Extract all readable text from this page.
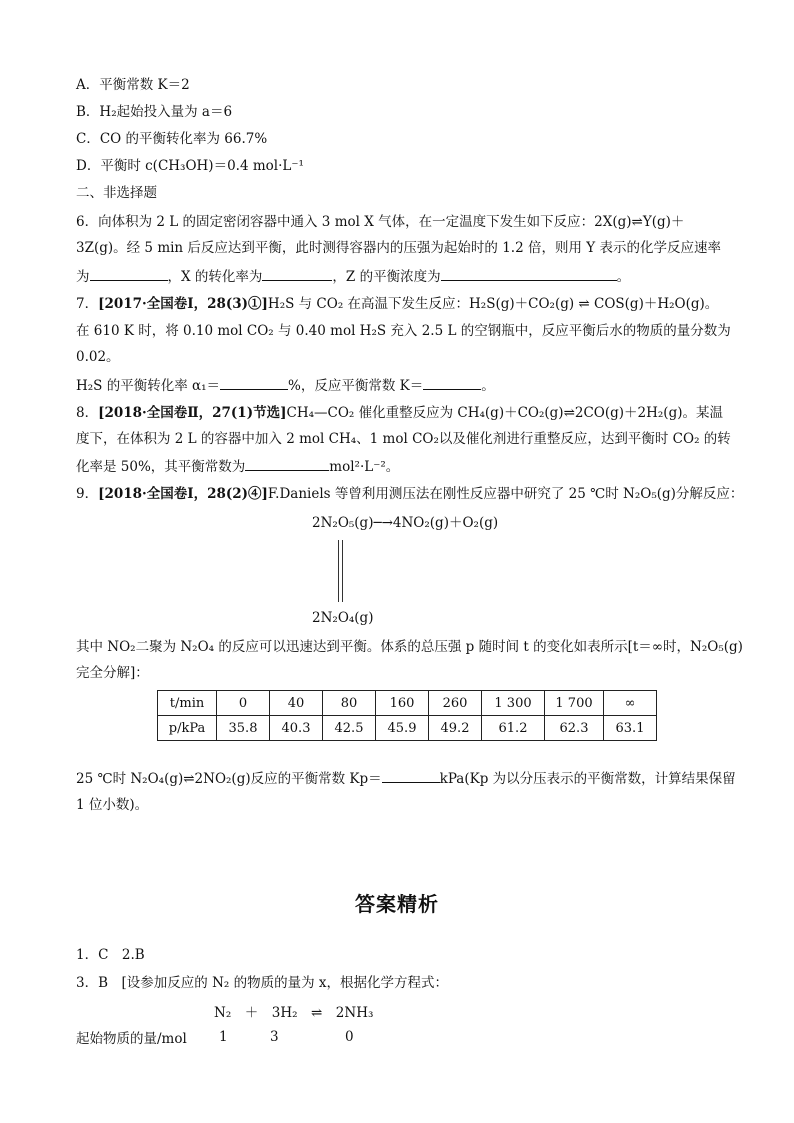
A．平衡常数 K＝2
B．H₂起始投入量为 a＝6
C．CO 的平衡转化率为 66.7%
D．平衡时 c(CH₃OH)＝0.4 mol·L⁻¹
二、非选择题
6．向体积为 2 L 的固定密闭容器中通入 3 mol X 气体，在一定温度下发生如下反应：2X(g)⇌Y(g)＋
3Z(g)。经 5 min 后反应达到平衡，此时测得容器内的压强为起始时的 1.2 倍，则用 Y 表示的化学反应速率
为	，X 的转化率为	，Z 的平衡浓度为	。
7．[2017·全国卷Ⅰ，28(3)①]H₂S 与 CO₂ 在高温下发生反应：H₂S(g)＋CO₂(g) ⇌ COS(g)＋H₂O(g)。
在 610 K 时，将 0.10 mol CO₂ 与 0.40 mol H₂S 充入 2.5 L 的空钢瓶中，反应平衡后水的物质的量分数为
0.02。
H₂S 的平衡转化率 α₁＝	%，反应平衡常数 K＝	。
8．[2018·全国卷Ⅱ，27(1)节选]CH₄—CO₂ 催化重整反应为 CH₄(g)＋CO₂(g)⇌2CO(g)＋2H₂(g)。某温
度下，在体积为 2 L 的容器中加入 2 mol CH₄、1 mol CO₂以及催化剂进行重整反应，达到平衡时 CO₂ 的转
化率是 50%，其平衡常数为	mol²·L⁻²。
9．[2018·全国卷Ⅰ，28(2)④]F.Daniels 等曾利用测压法在刚性反应器中研究了 25 ℃时 N₂O₅(g)分解反应：
2N₂O₅(g)─→4NO₂(g)＋O₂(g)
2N₂O₄(g)
其中 NO₂二聚为 N₂O₄ 的反应可以迅速达到平衡。体系的总压强 p 随时间 t 的变化如表所示[t＝∞时，N₂O₅(g)
完全分解]：
t/min	0	40	80	160	260	1 300	1 700	∞
p/kPa	35.8	40.3	42.5	45.9	49.2	61.2	62.3	63.1
25 ℃时 N₂O₄(g)⇌2NO₂(g)反应的平衡常数 Kp＝	kPa(Kp 为以分压表示的平衡常数，计算结果保留
1 位小数)。
答案精析
1．C　2.B
3．B　[设参加反应的 N₂ 的物质的量为 x，根据化学方程式：
N₂　＋　3H₂　⇌　2NH₃
起始物质的量/mol 1	3	0
